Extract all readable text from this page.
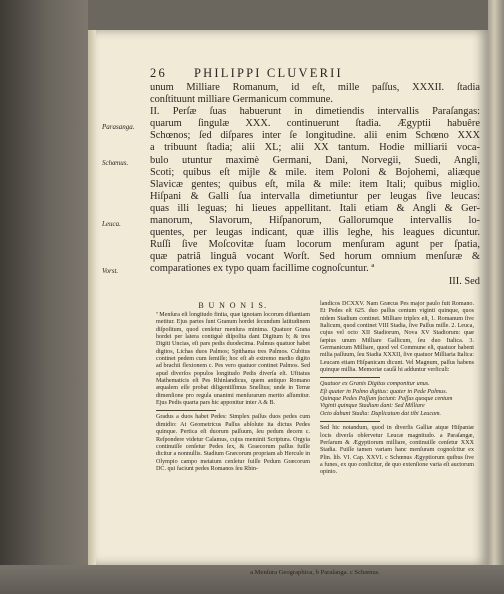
26 PHILIPPI CLUVERII
Parasanga.
Schœnus.
Leuca.
Vorst.

unum Milliare Romanum, id eſt, mille paſſus, XXXII. ſtadia

conſtituunt milliare Germanicum commune.

II. Perſæ ſuas habuerunt in dimetiendis intervallis Paraſangas:

quarum ſingulæ XXX. continuerunt ſtadia. Ægyptii habuêre

Schœnos; ſed diſpares inter ſe longitudine. alii enim Schœno XXX

a tribuunt ſtadia; alii XL; alii XX tantum. Hodie milliarii voca-

bulo utuntur maximè Germani, Dani, Norvegii, Suedi, Angli,

Scoti; quibus eſt mijle & mile. item Poloni & Bojohemi, aliæque

Slavicæ gentes; quibus eſt, mila & mile: item Itali; quibus miglio.

Hiſpani & Galli ſua intervalla dimetiuntur per leugas ſive leucas:

quas illi leguas; hi lieues appellitant. Itali etiam & Angli & Ger-

manorum, Slavorum, Hiſpanorum, Gallorumque intervallis lo-

quentes, per leugas indicant, quæ illis leghe, his leagues dicuntur.

Ruſſi ſive Moſcovitæ ſuam locorum menſuram agunt per ſpatia,

quæ patriâ linguâ vocant Worſt. Sed horum omnium menſuræ &

comparationes ex typo quam facillime cognoſcuntur. ª

III. Sed

B U N O N I S.

ª Menſura eſt longitudo finita, quæ ignotam locorum diſtantiam metitur. Ejus partes ſunt Granum hordei ſecundum latitudinem diſpoſitum, quod cenſetur menſura minima. Quatuor Grana hordei per latera contiguè diſpoſita dant Digitum b; & tres Digiti Uncias, eſt pars pedis duodecima. Palmus quatuor habet digitos, Lichas duos Palmos; Spithama tres Palmos. Cubitus continet pedem cum ſemiſſe; hoc eſt ab extremo medio digito ad brachii flexionem c. Pes vero quatuor continet Palmos. Sed apud diverſos populos longitudo Pedis diverſa eſt. Ufitatus Mathematicis eſt Pes Rhinlandicus, quem antiquo Romano æqualem eſſe probat diligentiſſimus Snellius; unde in Terræ dimenſione pro regula unanimi menſurarum merito aſſumitur. Ejus Pedis quarta pars hic apponitur inter A & B.

Gradus a duos habet Pedes: Simplex paſſus duos pedes cum dimidio: At Geometricus Paſſus abſolute ita dictus Pedes quinque. Pertica eſt duorum paſſuum, ſeu pedum decem c. Reſpondere videtur Calamus, cujus meminit Scriptura. Orgyia continuiſſe cenſetur Pedes ſex, & Graecorum paſſus fuiſſe dicitur a nonnullis. Stadium Græcorum propriam ab Hercule in Olympio campo metatum cenſetur fuiſſe Pedum Græcorum DC. qui faciunt pedes Romanos ſeu Rhin-

landicos DCXXV. Nam Græcus Pes major paulo fuit Romano. Et Pedes eſt 625. duo paſſus centum viginti quinque, quos nidem Stadium continet. Milliare triplex eſt, 1. Romanum ſive Italicum, quod continet VIII Stadia, ſive Paſſus mille. 2. Leuca, cujus vel octo XII Stadiorum, Nova XV Stadiorum: quæ ſæpius unum Milliare Gallicum, ſeu duo Italica. 3. Germanicum Milliare, quod vel Commune eſt, quatuor habent milia paſſuum, ſeu Stadia XXXII, ſive quatuor Milliaria Italica: Leucam etiam Hiſpanicam dicunt. Vel Magnum, paſſus habens quinque millia. Memoriæ cauſâ hi adduntur verſiculi:

Quatuor ex Granis Digitus componitur unus.

Eſt quater in Palmo digitus: quater in Pede Palmus.

Quinque Pedes Paſſum faciunt: Paſſus quoque centum

Viginti quinque Stadium dant: Sed Milliare

Octo dabunt Stadia: Duplicatum dat tibi Leucam.

Sed hic notandum, quod in diverſis Galliæ atque Hiſpaniæ locis diverſa obſervetur Leucæ magnitudo. a Paraſangæ, Perſarum & Ægyptiorum milliare, continuiſſe cenſetur XXX Stadia. Fuiſſe tamen variam hanc menſuram cognoſcitur ex Plin. lib. VI. Cap. XXVI. c Schœnus Ægyptiorum quibus ſive a funes, ex quo conſicitur, de quo extenſione varia eſt auctorum opinio.

a Menſura Geographica, b Paraſanga. c Schœnus.
